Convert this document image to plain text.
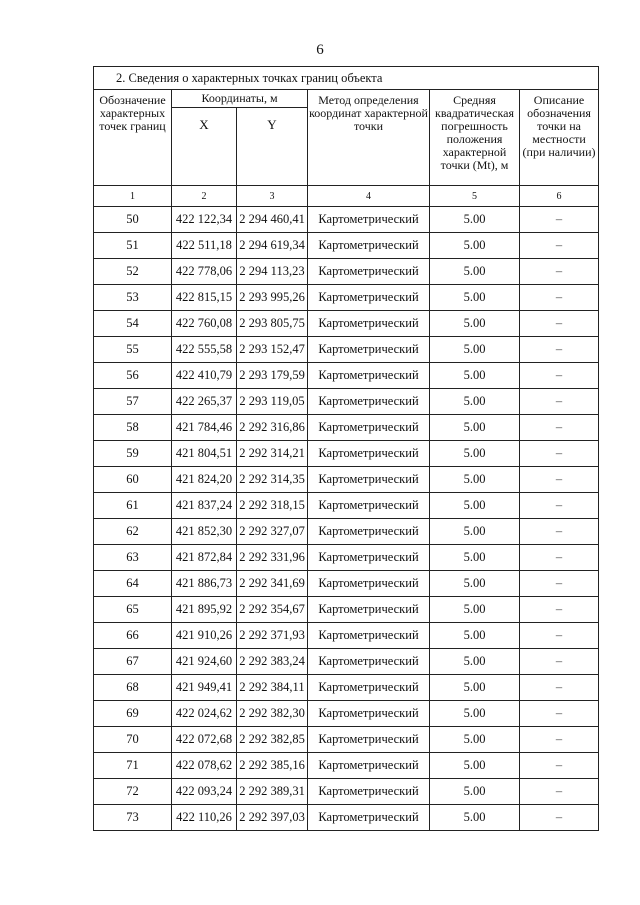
6
2. Сведения о характерных точках границ объекта					
Обозначение характерных точек границ	Координаты, м		Метод определения координат характерной точки	Средняя квадратическая погрешность положения характерной точки (Mt), м	Описание обозначения точки на местности (при наличии)
	X	Y			
1	2	3	4	5	6
50	422 122,34	2 294 460,41	Картометрический	5.00	–
51	422 511,18	2 294 619,34	Картометрический	5.00	–
52	422 778,06	2 294 113,23	Картометрический	5.00	–
53	422 815,15	2 293 995,26	Картометрический	5.00	–
54	422 760,08	2 293 805,75	Картометрический	5.00	–
55	422 555,58	2 293 152,47	Картометрический	5.00	–
56	422 410,79	2 293 179,59	Картометрический	5.00	–
57	422 265,37	2 293 119,05	Картометрический	5.00	–
58	421 784,46	2 292 316,86	Картометрический	5.00	–
59	421 804,51	2 292 314,21	Картометрический	5.00	–
60	421 824,20	2 292 314,35	Картометрический	5.00	–
61	421 837,24	2 292 318,15	Картометрический	5.00	–
62	421 852,30	2 292 327,07	Картометрический	5.00	–
63	421 872,84	2 292 331,96	Картометрический	5.00	–
64	421 886,73	2 292 341,69	Картометрический	5.00	–
65	421 895,92	2 292 354,67	Картометрический	5.00	–
66	421 910,26	2 292 371,93	Картометрический	5.00	–
67	421 924,60	2 292 383,24	Картометрический	5.00	–
68	421 949,41	2 292 384,11	Картометрический	5.00	–
69	422 024,62	2 292 382,30	Картометрический	5.00	–
70	422 072,68	2 292 382,85	Картометрический	5.00	–
71	422 078,62	2 292 385,16	Картометрический	5.00	–
72	422 093,24	2 292 389,31	Картометрический	5.00	–
73	422 110,26	2 292 397,03	Картометрический	5.00	–
